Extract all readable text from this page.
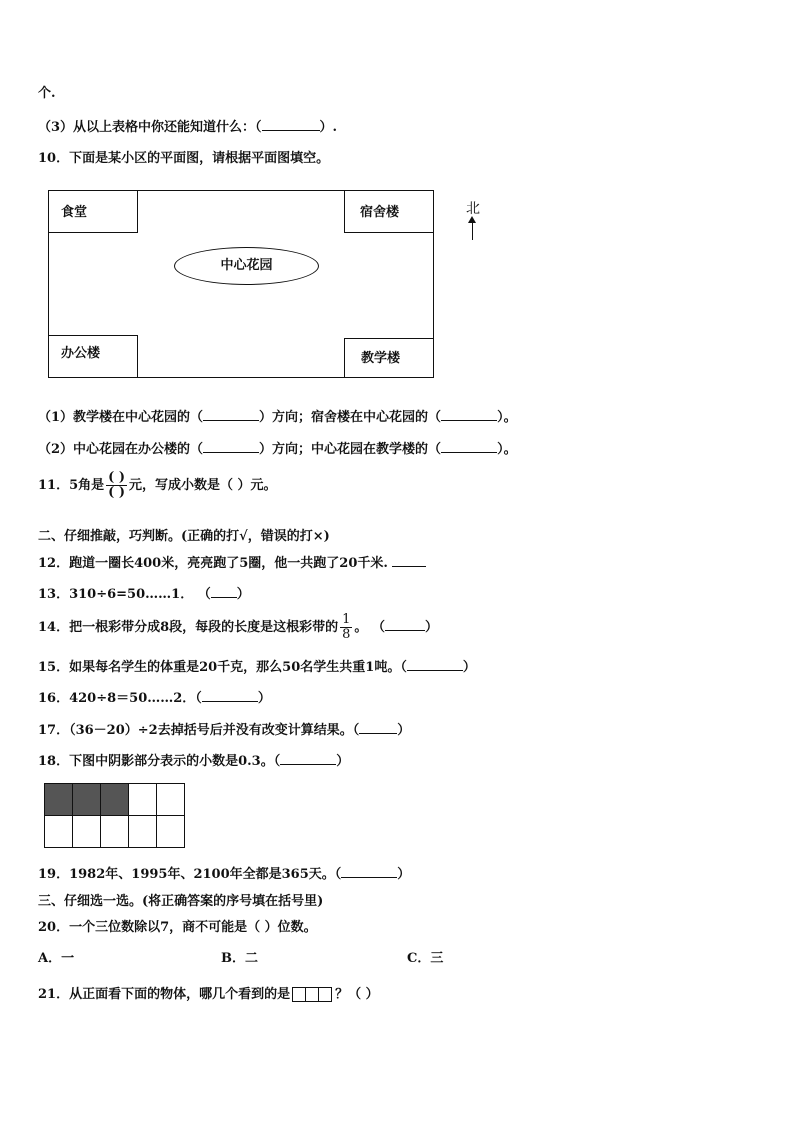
个.
（3）从以上表格中你还能知道什么：（	）.
10．下面是某小区的平面图，请根据平面图填空。
食堂	宿舍楼
中心花园
办公楼	教学楼
北
（1）教学楼在中心花园的（	）方向；宿舍楼在中心花园的（	）。
（2）中心花园在办公楼的（	）方向；中心花园在教学楼的（	）。
11．5角是 $\frac{( )}{( )}$ 元，写成小数是（ ）元。
二、仔细推敲，巧判断。(正确的打√，错误的打×)
12．跑道一圈长400米，亮亮跑了5圈，他一共跑了20千米.
13．310÷6=50……1． （ ）
14．把一根彩带分成8段，每段的长度是这根彩带的 $\frac{1}{8}$ 。 （	）
15．如果每名学生的体重是20千克，那么50名学生共重1吨。（	）
16．420÷8＝50……2．（	）
17．（36－20）÷2去掉括号后并没有改变计算结果。（	）
18．下图中阴影部分表示的小数是0.3。（	）

19．1982年、1995年、2100年全都是365天。（	）
三、仔细选一选。(将正确答案的序号填在括号里)
20．一个三位数除以7，商不可能是（ ）位数。
A．一	B．二	C．三
21．从正面看下面的物体，哪几个看到的是	？（ ）
